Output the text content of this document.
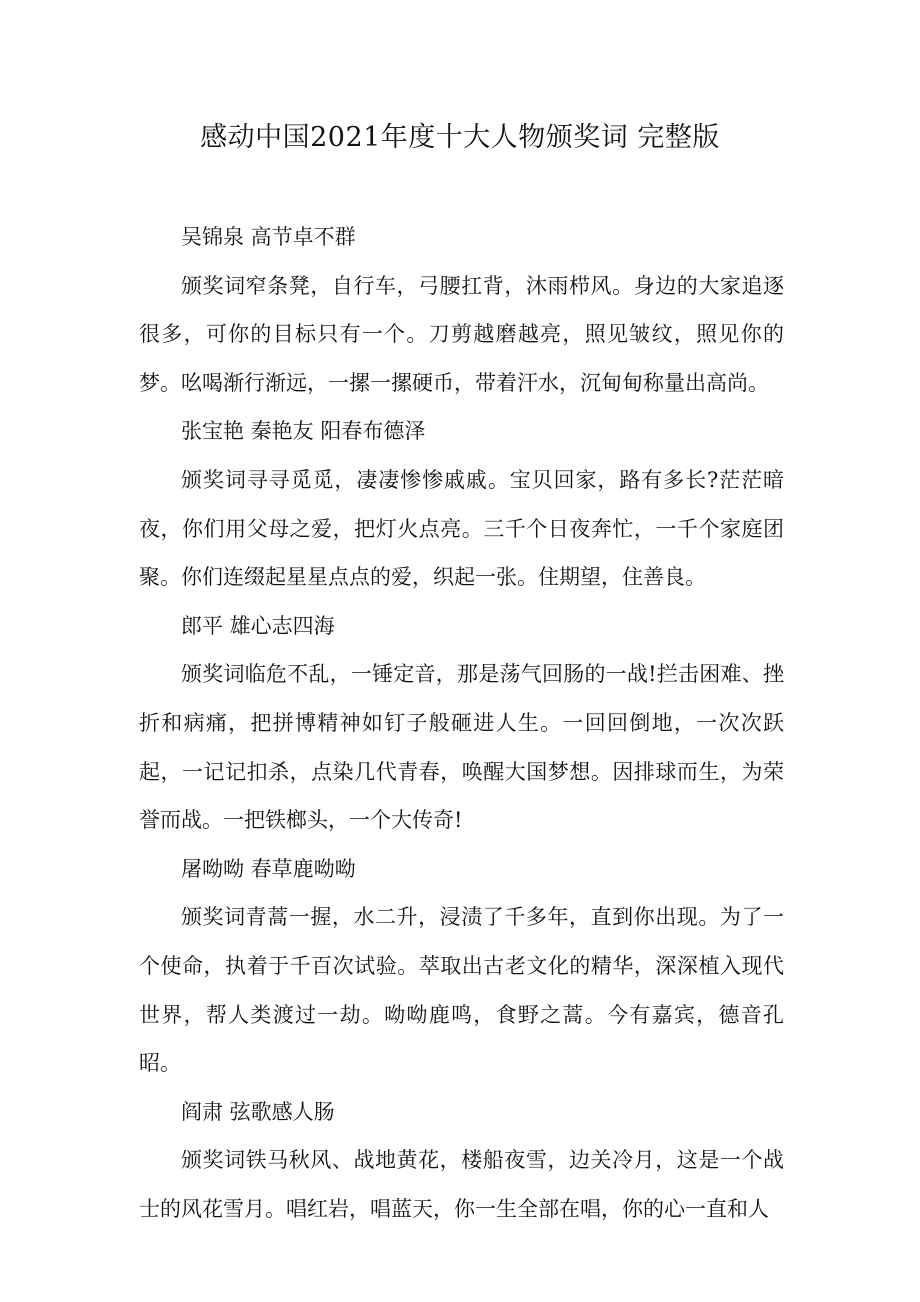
感动中国2021年度十大人物颁奖词 完整版

吴锦泉 高节卓不群

颁奖词窄条凳，自行车，弓腰扛背，沐雨栉风。身边的大家追逐很多，可你的目标只有一个。刀剪越磨越亮，照见皱纹，照见你的梦。吆喝渐行渐远，一摞一摞硬币，带着汗水，沉甸甸称量出高尚。

张宝艳 秦艳友 阳春布德泽

颁奖词寻寻觅觅，凄凄惨惨戚戚。宝贝回家，路有多长?茫茫暗夜，你们用父母之爱，把灯火点亮。三千个日夜奔忙，一千个家庭团聚。你们连缀起星星点点的爱，织起一张。住期望，住善良。

郎平 雄心志四海

颁奖词临危不乱，一锤定音，那是荡气回肠的一战!拦击困难、挫折和病痛，把拼博精神如钉子般砸进人生。一回回倒地，一次次跃起，一记记扣杀，点染几代青春，唤醒大国梦想。因排球而生，为荣誉而战。一把铁榔头，一个大传奇!

屠呦呦 春草鹿呦呦

颁奖词青蒿一握，水二升，浸渍了千多年，直到你出现。为了一个使命，执着于千百次试验。萃取出古老文化的精华，深深植入现代世界，帮人类渡过一劫。呦呦鹿鸣，食野之蒿。今有嘉宾，德音孔昭。

阎肃 弦歌感人肠

颁奖词铁马秋风、战地黄花，楼船夜雪，边关冷月，这是一个战士的风花雪月。唱红岩，唱蓝天，你一生全部在唱，你的心一直和人
